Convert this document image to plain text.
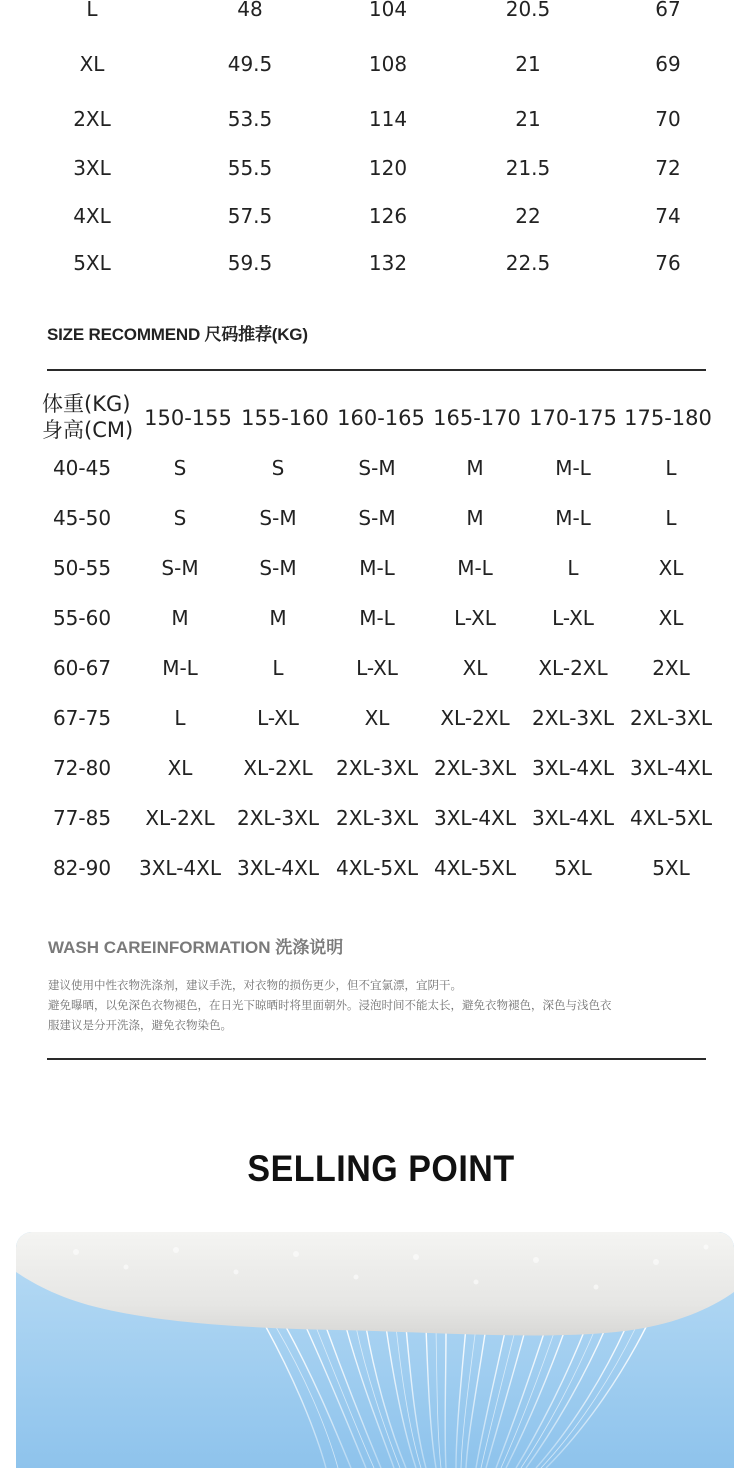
L	48	104	20.5	67
XL	49.5	108	21	69
2XL	53.5	114	21	70
3XL	55.5	120	21.5	72
4XL	57.5	126	22	74
5XL	59.5	132	22.5	76
SIZE RECOMMEND 尺码推荐(KG)
体重(KG)
身高(CM) 150-155 155-160 160-165 165-170 170-175 175-180
40-45	S	S	S-M	M	M-L	L
45-50	S	S-M	S-M	M	M-L	L
50-55	S-M	S-M	M-L	M-L	L	XL
55-60	M	M	M-L	L-XL	L-XL	XL
60-67	M-L	L	L-XL	XL	XL-2XL 2XL
67-75	L	L-XL	XL	XL-2XL 2XL-3XL 2XL-3XL
72-80	XL	XL-2XL 2XL-3XL 2XL-3XL 3XL-4XL 3XL-4XL
77-85 XL-2XL 2XL-3XL 2XL-3XL 3XL-4XL 3XL-4XL 4XL-5XL
82-90 3XL-4XL 3XL-4XL 4XL-5XL 4XL-5XL 5XL	5XL
WASH CAREINFORMATION 洗涤说明
建议使用中性衣物洗涤剂，建议手洗，对衣物的损伤更少，但不宜氯漂，宜阴干。
避免曝晒，以免深色衣物褪色，在日光下晾晒时将里面朝外。浸泡时间不能太长，避免衣物褪色，深色与浅色衣
服建议是分开洗涤，避免衣物染色。
SELLING POINT
